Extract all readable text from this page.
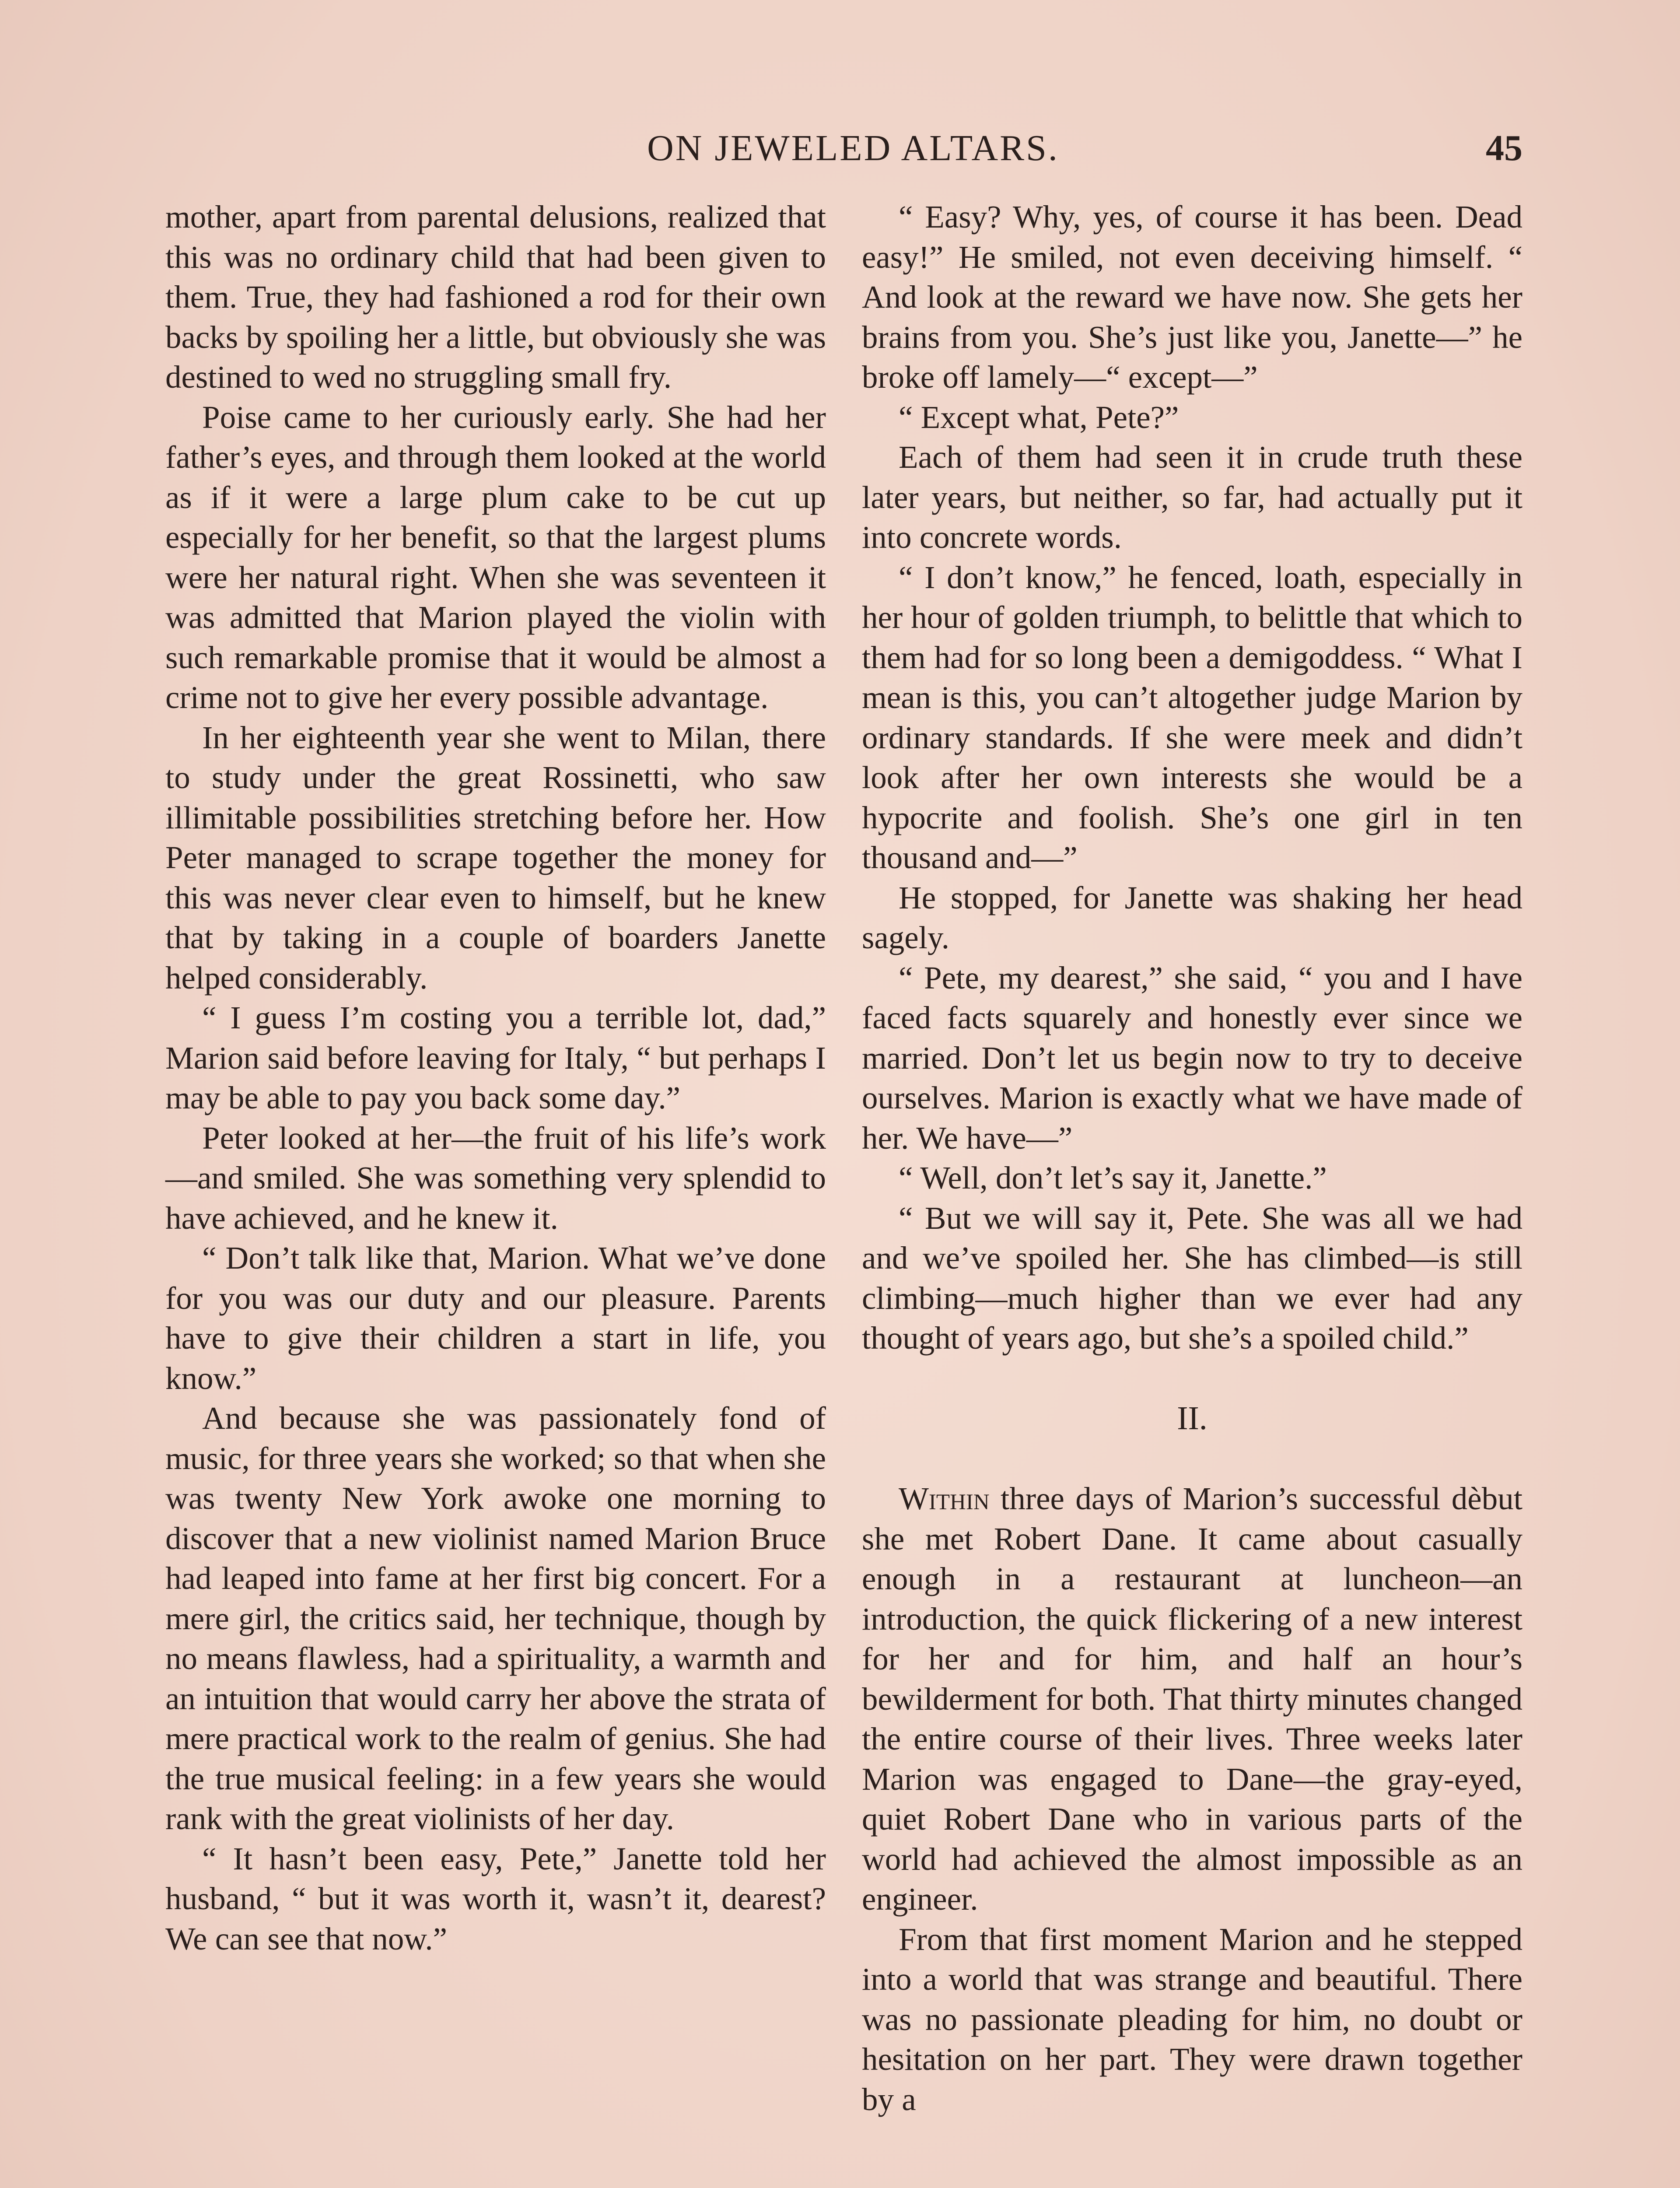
ON JEWELED ALTARS.	45

mother, apart from parental delusions, realized that this was no ordinary child that had been given to them. True, they had fashioned a rod for their own backs by spoiling her a little, but obviously she was destined to wed no struggling small fry.

Poise came to her curiously early. She had her father’s eyes, and through them looked at the world as if it were a large plum cake to be cut up especially for her benefit, so that the largest plums were her natural right. When she was seventeen it was admitted that Marion played the violin with such remarkable promise that it would be almost a crime not to give her every possible advantage.

In her eighteenth year she went to Milan, there to study under the great Rossinetti, who saw illimitable possibilities stretching before her. How Peter managed to scrape together the money for this was never clear even to himself, but he knew that by taking in a couple of boarders Janette helped considerably.

“ I guess I’m costing you a terrible lot, dad,” Marion said before leaving for Italy, “ but perhaps I may be able to pay you back some day.”

Peter looked at her—the fruit of his life’s work—and smiled. She was something very splendid to have achieved, and he knew it.

“ Don’t talk like that, Marion. What we’ve done for you was our duty and our pleasure. Parents have to give their children a start in life, you know.”

And because she was passionately fond of music, for three years she worked; so that when she was twenty New York awoke one morning to discover that a new violinist named Marion Bruce had leaped into fame at her first big concert. For a mere girl, the critics said, her technique, though by no means flawless, had a spirituality, a warmth and an intuition that would carry her above the strata of mere practical work to the realm of genius. She had the true musical feeling: in a few years she would rank with the great violinists of her day.

“ It hasn’t been easy, Pete,” Janette told her husband, “ but it was worth it, wasn’t it, dearest? We can see that now.”

“ Easy? Why, yes, of course it has been. Dead easy!” He smiled, not even deceiving himself. “ And look at the reward we have now. She gets her brains from you. She’s just like you, Janette—” he broke off lamely—“ except—”

“ Except what, Pete?”

Each of them had seen it in crude truth these later years, but neither, so far, had actually put it into concrete words.

“ I don’t know,” he fenced, loath, especially in her hour of golden triumph, to belittle that which to them had for so long been a demigoddess. “ What I mean is this, you can’t altogether judge Marion by ordinary standards. If she were meek and didn’t look after her own interests she would be a hypocrite and foolish. She’s one girl in ten thousand and—”

He stopped, for Janette was shaking her head sagely.

“ Pete, my dearest,” she said, “ you and I have faced facts squarely and honestly ever since we married. Don’t let us begin now to try to deceive ourselves. Marion is exactly what we have made of her. We have—”

“ Well, don’t let’s say it, Janette.”

“ But we will say it, Pete. She was all we had and we’ve spoiled her. She has climbed—is still climbing—much higher than we ever had any thought of years ago, but she’s a spoiled child.”

II.

Within three days of Marion’s successful dèbut she met Robert Dane. It came about casually enough in a restaurant at luncheon—an introduction, the quick flickering of a new interest for her and for him, and half an hour’s bewilderment for both. That thirty minutes changed the entire course of their lives. Three weeks later Marion was engaged to Dane—the gray-eyed, quiet Robert Dane who in various parts of the world had achieved the almost impossible as an engineer.

From that first moment Marion and he stepped into a world that was strange and beautiful. There was no passionate pleading for him, no doubt or hesitation on her part. They were drawn together by a
